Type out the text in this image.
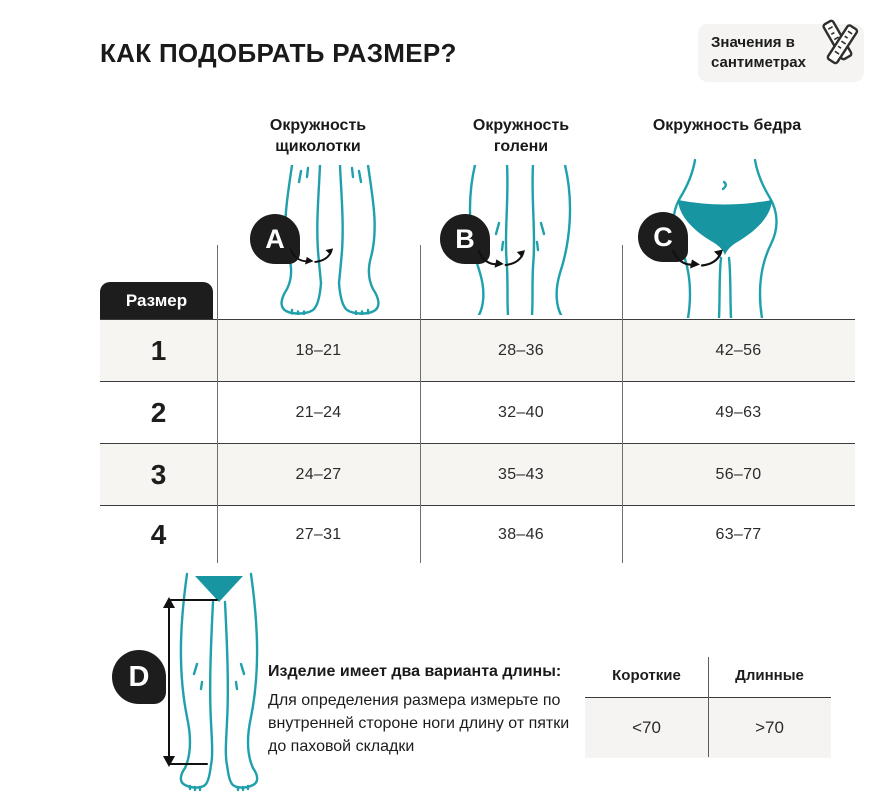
КАК ПОДОБРАТЬ РАЗМЕР?	Значения в сантиметрах
Окружность щиколотки
Окружность голени
Окружность бедра
A	B	C
D
Размер
1	18–21	28–36	42–56
2	21–24	32–40	49–63
3	24–27	35–43	56–70
4	27–31	38–46	63–77
Изделие имеет два варианта длины:
Для определения размера измерьте по внутренней стороне ноги длину от пятки до паховой складки
Короткие	Длинные
<70	>70
